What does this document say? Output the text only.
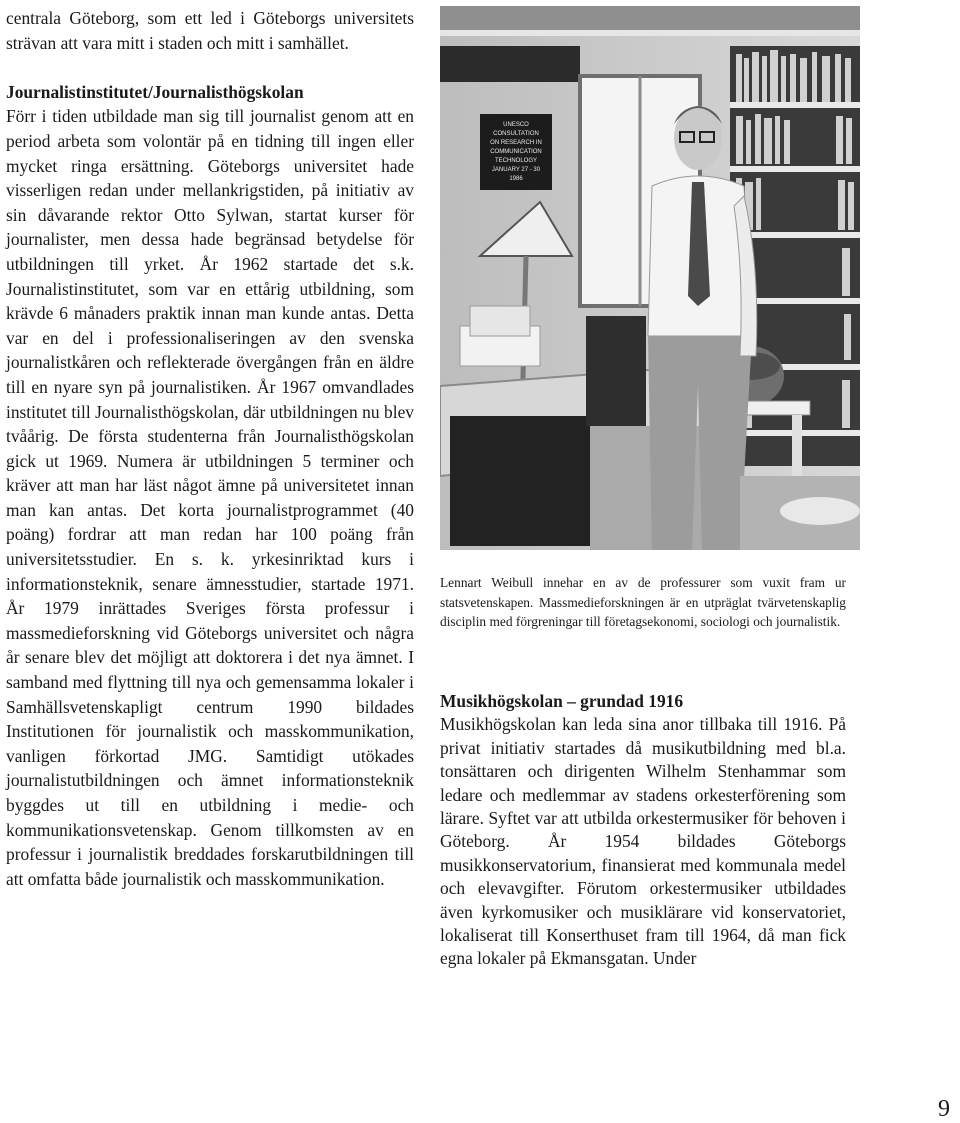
centrala Göteborg, som ett led i Göteborgs universitets strävan att vara mitt i staden och mitt i samhället.

Journalistinstitutet/Journalisthögskolan

Förr i tiden utbildade man sig till journalist genom att en period arbeta som volontär på en tidning till ingen eller mycket ringa ersättning. Göteborgs universitet hade visserligen redan under mellankrigstiden, på initiativ av sin dåvarande rektor Otto Sylwan, startat kurser för journalister, men dessa hade begränsad betydelse för utbildningen till yrket. År 1962 startade det s.k. Journalistinstitutet, som var en ettårig utbildning, som krävde 6 månaders praktik innan man kunde antas. Detta var en del i professionaliseringen av den svenska journalistkåren och reflekterade övergången från en äldre till en nyare syn på journalistiken. År 1967 omvandlades institutet till Journalisthögskolan, där utbildningen nu blev tvåårig. De första studenterna från Journalisthögskolan gick ut 1969. Numera är utbildningen 5 terminer och kräver att man har läst något ämne på universitetet innan man kan antas. Det korta journalistprogrammet (40 poäng) fordrar att man redan har 100 poäng från universitetsstudier. En s. k. yrkesinriktad kurs i informationsteknik, senare ämnesstudier, startade 1971. År 1979 inrättades Sveriges första professur i massmedieforskning vid Göteborgs universitet och några år senare blev det möjligt att doktorera i det nya ämnet. I samband med flyttning till nya och gemensamma lokaler i Samhällsvetenskapligt centrum 1990 bildades Institutionen för journalistik och masskommunikation, vanligen förkortad JMG. Samtidigt utökades journalistutbildningen och ämnet informationsteknik byggdes ut till en utbildning i medie- och kommunikationsvetenskap. Genom tillkomsten av en professur i journalistik breddades forskarutbildningen till att omfatta både journalistik och masskommunikation.

UNESCO
CONSULTATION
ON RESEARCH IN
COMMUNICATION
TECHNOLOGY
JANUARY 27 - 30
1986

Lennart Weibull innehar en av de professurer som vuxit fram ur statsvetenskapen. Massmedieforskningen är en utpräglat tvärvetenskaplig disciplin med förgreningar till företagsekonomi, sociologi och journalistik.

Musikhögskolan – grundad 1916

Musikhögskolan kan leda sina anor tillbaka till 1916. På privat initiativ startades då musikutbildning med bl.a. tonsättaren och dirigenten Wilhelm Stenhammar som ledare och medlemmar av stadens orkesterförening som lärare. Syftet var att utbilda orkestermusiker för behoven i Göteborg. År 1954 bildades Göteborgs musikkonservatorium, finansierat med kommunala medel och elevavgifter. Förutom orkestermusiker utbildades även kyrkomusiker och musiklärare vid konservatoriet, lokaliserat till Konserthuset fram till 1964, då man fick egna lokaler på Ekmansgatan. Under

9
